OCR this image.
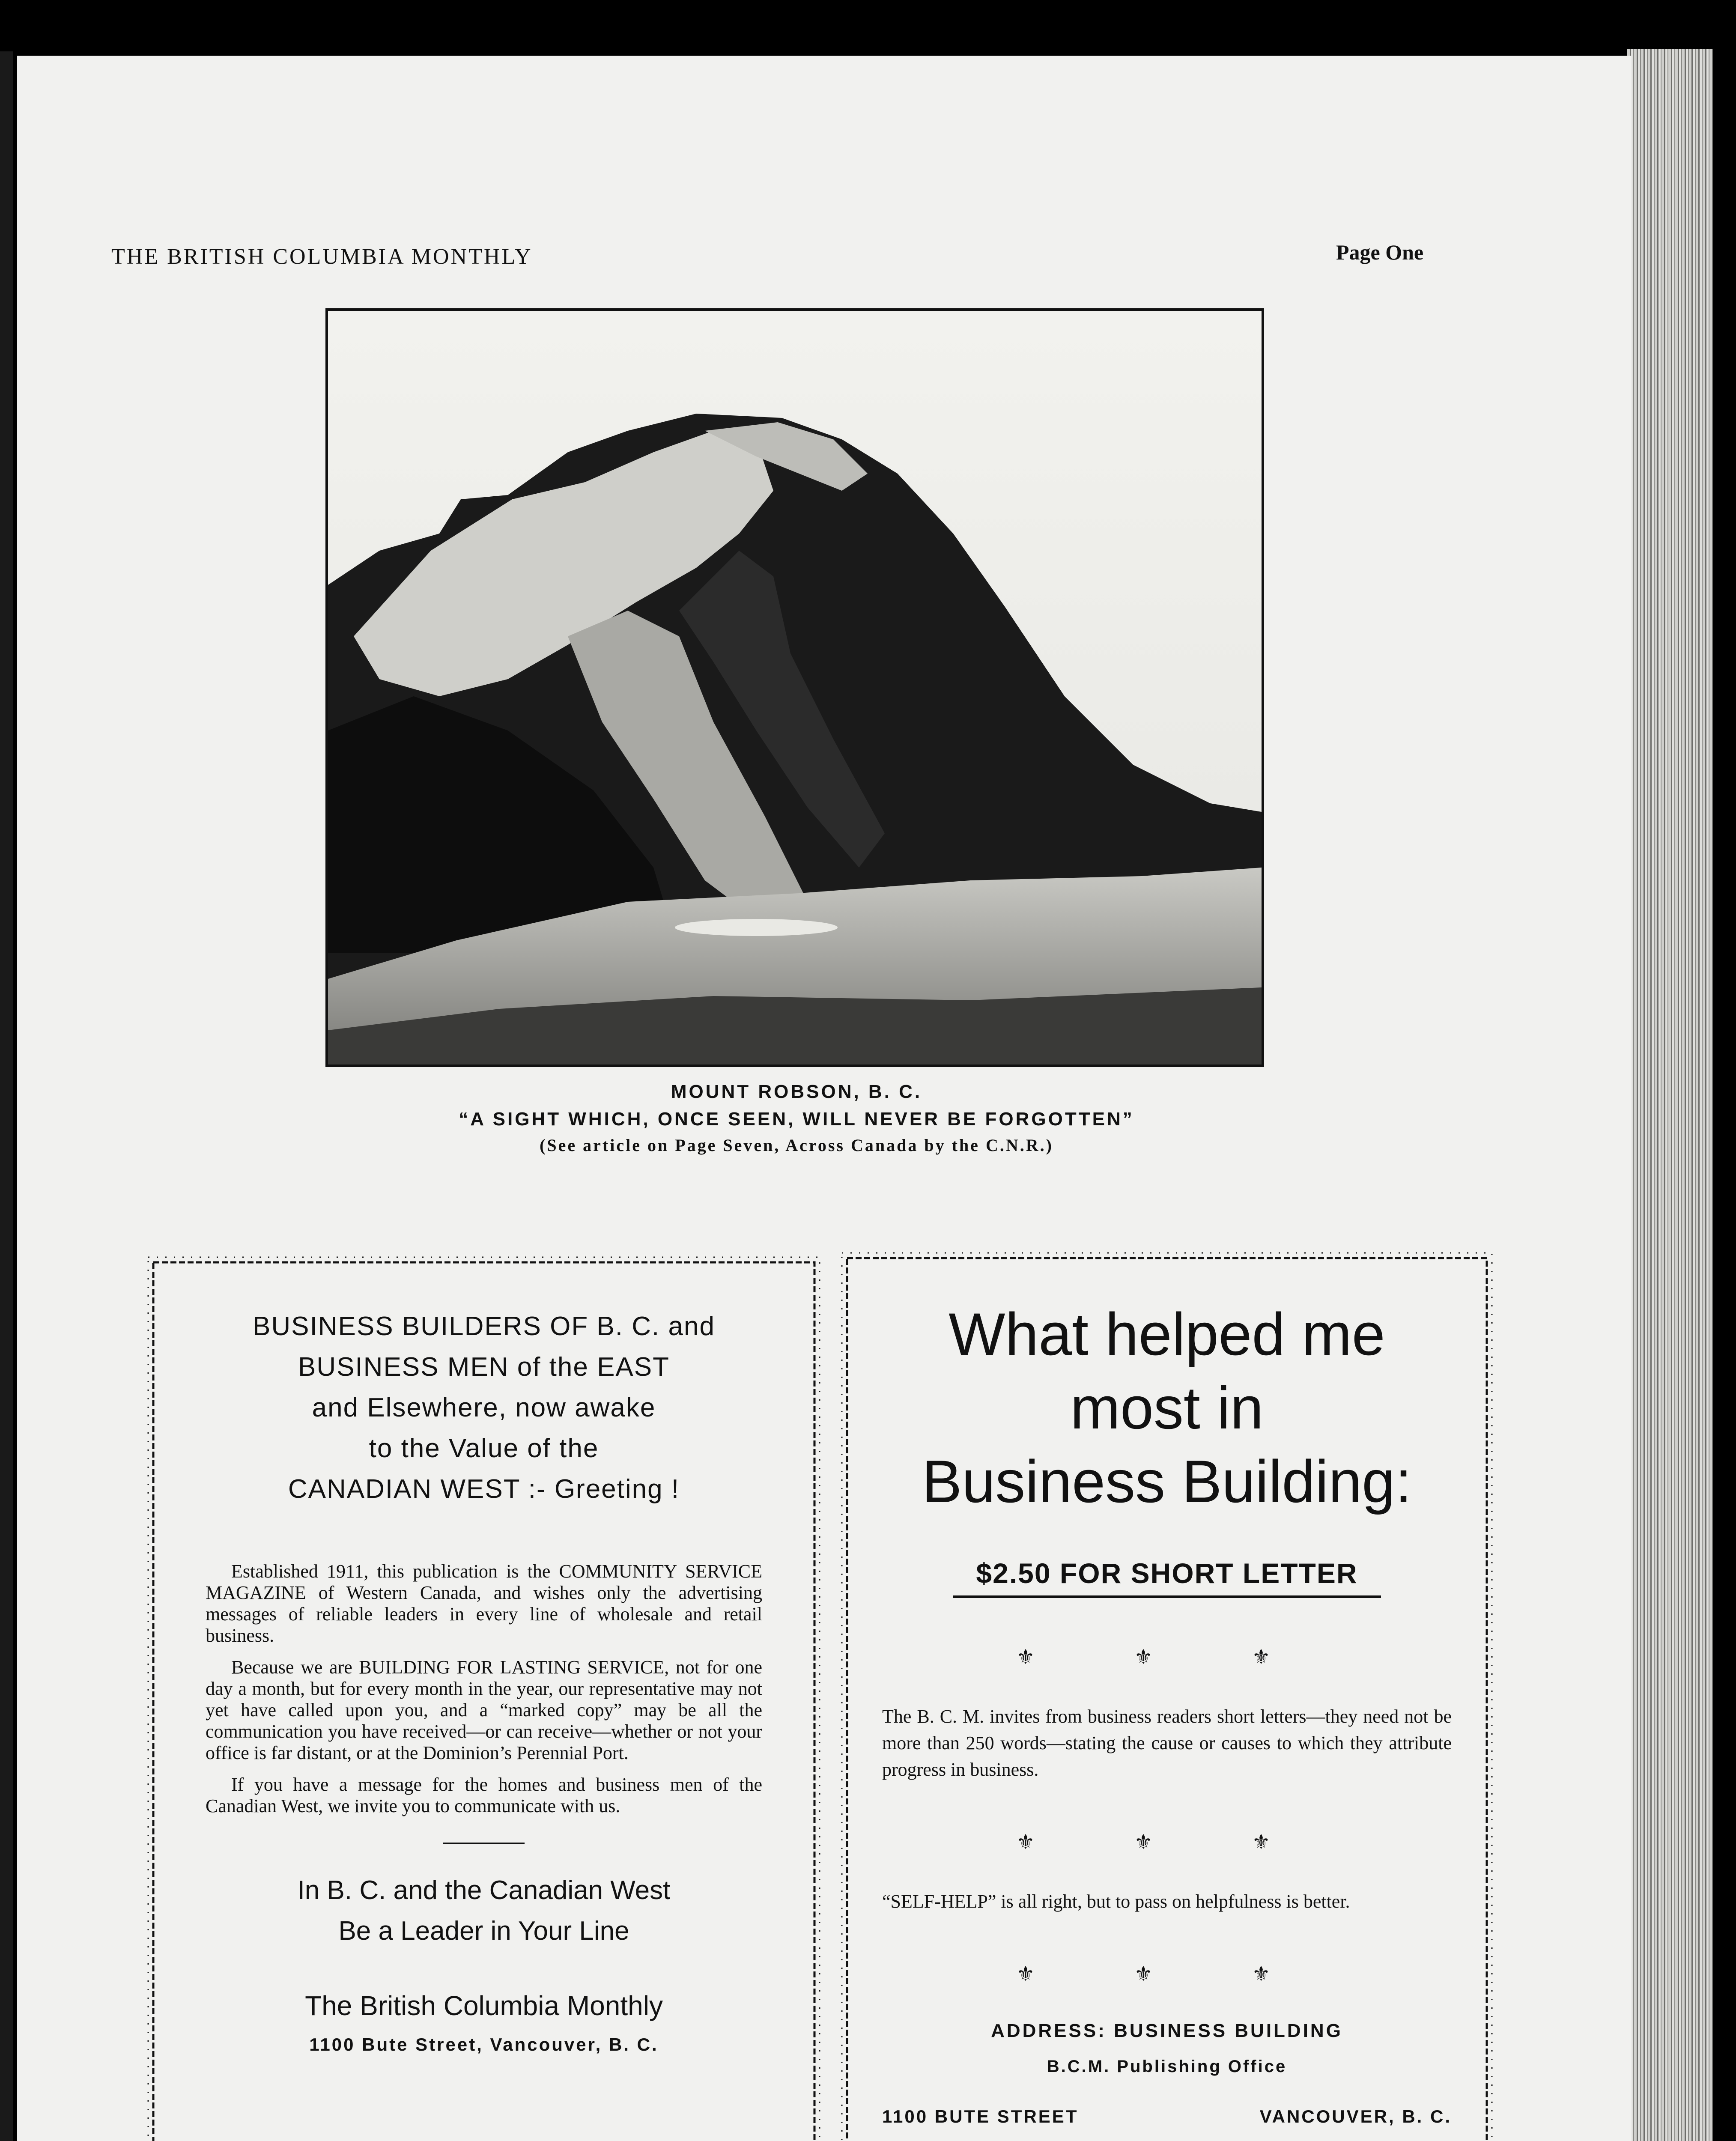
THE BRITISH COLUMBIA MONTHLY	Page One
MOUNT ROBSON, B. C.
“A SIGHT WHICH, ONCE SEEN, WILL NEVER BE FORGOTTEN”
(See article on Page Seven, Across Canada by the C.N.R.)
BUSINESS BUILDERS OF B. C. and
BUSINESS MEN of the EAST
and Elsewhere, now awake
to the Value of the
CANADIAN WEST :- Greeting !

Established 1911, this publication is the COMMUNITY SERVICE MAGAZINE of Western Canada, and wishes only the advertising messages of reliable leaders in every line of wholesale and retail business.

Because we are BUILDING FOR LASTING SERVICE, not for one day a month, but for every month in the year, our representative may not yet have called upon you, and a “marked copy” may be all the communication you have received—or can receive—whether or not your office is far distant, or at the Dominion’s Perennial Port.

If you have a message for the homes and business men of the Canadian West, we invite you to communicate with us.

In B. C. and the Canadian West
Be a Leader in Your Line
The British Columbia Monthly
1100 Bute Street, Vancouver, B. C.
What helped me
most in
Business Building:
$2.50 FOR SHORT LETTER
⚜ ⚜ ⚜
The B. C. M. invites from business readers short letters—they need not be more than 250 words—stating the cause or causes to which they attribute progress in business.
⚜ ⚜ ⚜
“SELF-HELP” is all right, but to pass on helpfulness is better.
⚜ ⚜ ⚜
ADDRESS: BUSINESS BUILDING
B.C.M. Publishing Office
1100 BUTE STREET	VANCOUVER, B. C.
